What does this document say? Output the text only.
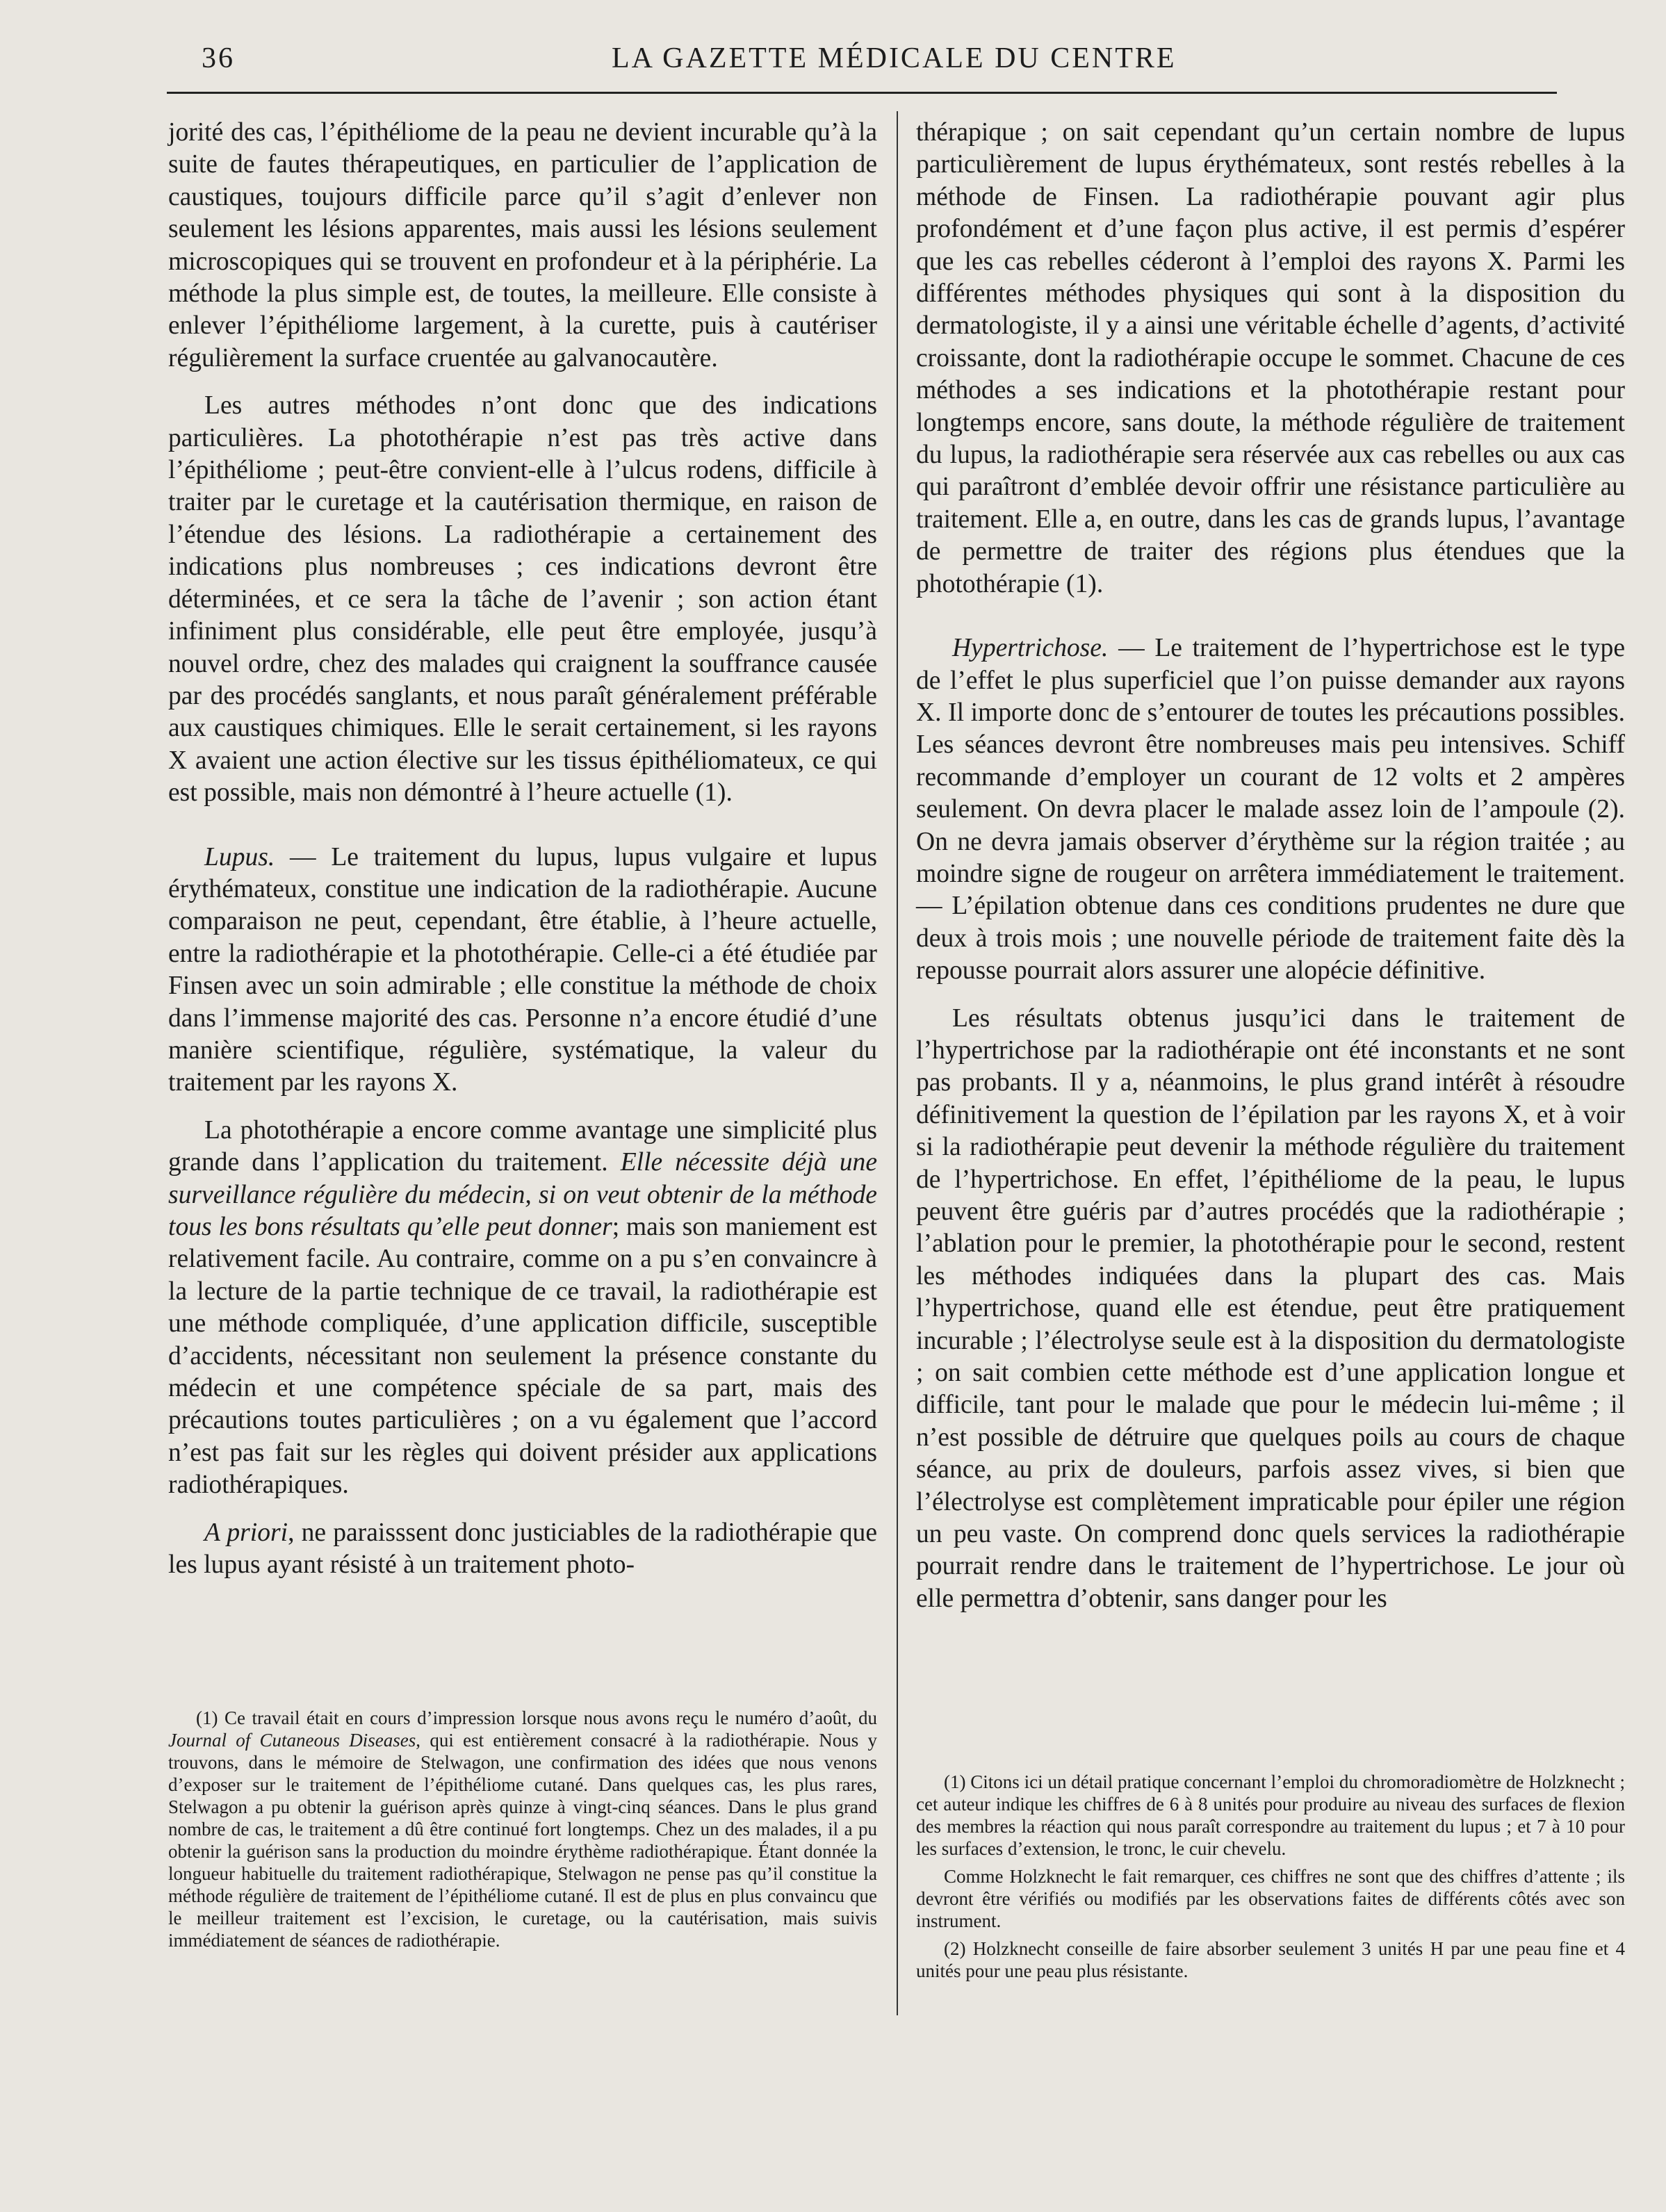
36	LA GAZETTE MÉDICALE DU CENTRE

jorité des cas, l’épithéliome de la peau ne devient incurable qu’à la suite de fautes thérapeutiques, en particulier de l’application de caustiques, toujours difficile parce qu’il s’agit d’enlever non seulement les lésions apparentes, mais aussi les lésions seulement microscopiques qui se trouvent en profondeur et à la périphérie. La méthode la plus simple est, de toutes, la meilleure. Elle consiste à enlever l’épithéliome largement, à la curette, puis à cautériser régulièrement la surface cruentée au galvanocautère.

Les autres méthodes n’ont donc que des indications particulières. La photothérapie n’est pas très active dans l’épithéliome ; peut-être convient-elle à l’ulcus rodens, difficile à traiter par le curetage et la cautérisation thermique, en raison de l’étendue des lésions. La radiothérapie a certainement des indications plus nombreuses ; ces indications devront être déterminées, et ce sera la tâche de l’avenir ; son action étant infiniment plus considérable, elle peut être employée, jusqu’à nouvel ordre, chez des malades qui craignent la souffrance causée par des procédés sanglants, et nous paraît généralement préférable aux caustiques chimiques. Elle le serait certainement, si les rayons X avaient une action élective sur les tissus épithéliomateux, ce qui est possible, mais non démontré à l’heure actuelle (1).

Lupus. — Le traitement du lupus, lupus vulgaire et lupus érythémateux, constitue une indication de la radiothérapie. Aucune comparaison ne peut, cependant, être établie, à l’heure actuelle, entre la radiothérapie et la photothérapie. Celle-ci a été étudiée par Finsen avec un soin admirable ; elle constitue la méthode de choix dans l’immense majorité des cas. Personne n’a encore étudié d’une manière scientifique, régulière, systématique, la valeur du traitement par les rayons X.

La photothérapie a encore comme avantage une simplicité plus grande dans l’application du traitement. Elle nécessite déjà une surveillance régulière du médecin, si on veut obtenir de la méthode tous les bons résultats qu’elle peut donner; mais son maniement est relativement facile. Au contraire, comme on a pu s’en convaincre à la lecture de la partie technique de ce travail, la radiothérapie est une méthode compliquée, d’une application difficile, susceptible d’accidents, nécessitant non seulement la présence constante du médecin et une compétence spéciale de sa part, mais des précautions toutes particulières ; on a vu également que l’accord n’est pas fait sur les règles qui doivent présider aux applications radiothérapiques.

A priori, ne paraisssent donc justiciables de la radiothérapie que les lupus ayant résisté à un traitement photo-

thérapique ; on sait cependant qu’un certain nombre de lupus particulièrement de lupus érythémateux, sont restés rebelles à la méthode de Finsen. La radiothérapie pouvant agir plus profondément et d’une façon plus active, il est permis d’espérer que les cas rebelles céderont à l’emploi des rayons X. Parmi les différentes méthodes physiques qui sont à la disposition du dermatologiste, il y a ainsi une véritable échelle d’agents, d’activité croissante, dont la radiothérapie occupe le sommet. Chacune de ces méthodes a ses indications et la photothérapie restant pour longtemps encore, sans doute, la méthode régulière de traitement du lupus, la radiothérapie sera réservée aux cas rebelles ou aux cas qui paraîtront d’emblée devoir offrir une résistance particulière au traitement. Elle a, en outre, dans les cas de grands lupus, l’avantage de permettre de traiter des régions plus étendues que la photothérapie (1).

Hypertrichose. — Le traitement de l’hypertrichose est le type de l’effet le plus superficiel que l’on puisse demander aux rayons X. Il importe donc de s’entourer de toutes les précautions possibles. Les séances devront être nombreuses mais peu intensives. Schiff recommande d’employer un courant de 12 volts et 2 ampères seulement. On devra placer le malade assez loin de l’ampoule (2). On ne devra jamais observer d’érythème sur la région traitée ; au moindre signe de rougeur on arrêtera immédiatement le traitement. — L’épilation obtenue dans ces conditions prudentes ne dure que deux à trois mois ; une nouvelle période de traitement faite dès la repousse pourrait alors assurer une alopécie définitive.

Les résultats obtenus jusqu’ici dans le traitement de l’hypertrichose par la radiothérapie ont été inconstants et ne sont pas probants. Il y a, néanmoins, le plus grand intérêt à résoudre définitivement la question de l’épilation par les rayons X, et à voir si la radiothérapie peut devenir la méthode régulière du traitement de l’hypertrichose. En effet, l’épithéliome de la peau, le lupus peuvent être guéris par d’autres procédés que la radiothérapie ; l’ablation pour le premier, la photothérapie pour le second, restent les méthodes indiquées dans la plupart des cas. Mais l’hypertrichose, quand elle est étendue, peut être pratiquement incurable ; l’électrolyse seule est à la disposition du dermatologiste ; on sait combien cette méthode est d’une application longue et difficile, tant pour le malade que pour le médecin lui-même ; il n’est possible de détruire que quelques poils au cours de chaque séance, au prix de douleurs, parfois assez vives, si bien que l’électrolyse est complètement impraticable pour épiler une région un peu vaste. On comprend donc quels services la radiothérapie pourrait rendre dans le traitement de l’hypertrichose. Le jour où elle permettra d’obtenir, sans danger pour les

(1) Ce travail était en cours d’impression lorsque nous avons reçu le numéro d’août, du Journal of Cutaneous Diseases, qui est entièrement consacré à la radiothérapie. Nous y trouvons, dans le mémoire de Stelwagon, une confirmation des idées que nous venons d’exposer sur le traitement de l’épithéliome cutané. Dans quelques cas, les plus rares, Stelwagon a pu obtenir la guérison après quinze à vingt-cinq séances. Dans le plus grand nombre de cas, le traitement a dû être continué fort longtemps. Chez un des malades, il a pu obtenir la guérison sans la production du moindre érythème radiothérapique. Étant donnée la longueur habituelle du traitement radiothérapique, Stelwagon ne pense pas qu’il constitue la méthode régulière de traitement de l’épithéliome cutané. Il est de plus en plus convaincu que le meilleur traitement est l’excision, le curetage, ou la cautérisation, mais suivis immédiatement de séances de radiothérapie.

(1) Citons ici un détail pratique concernant l’emploi du chromoradiomètre de Holzknecht ; cet auteur indique les chiffres de 6 à 8 unités pour produire au niveau des surfaces de flexion des membres la réaction qui nous paraît correspondre au traitement du lupus ; et 7 à 10 pour les surfaces d’extension, le tronc, le cuir chevelu.

Comme Holzknecht le fait remarquer, ces chiffres ne sont que des chiffres d’attente ; ils devront être vérifiés ou modifiés par les observations faites de différents côtés avec son instrument.

(2) Holzknecht conseille de faire absorber seulement 3 unités H par une peau fine et 4 unités pour une peau plus résistante.
